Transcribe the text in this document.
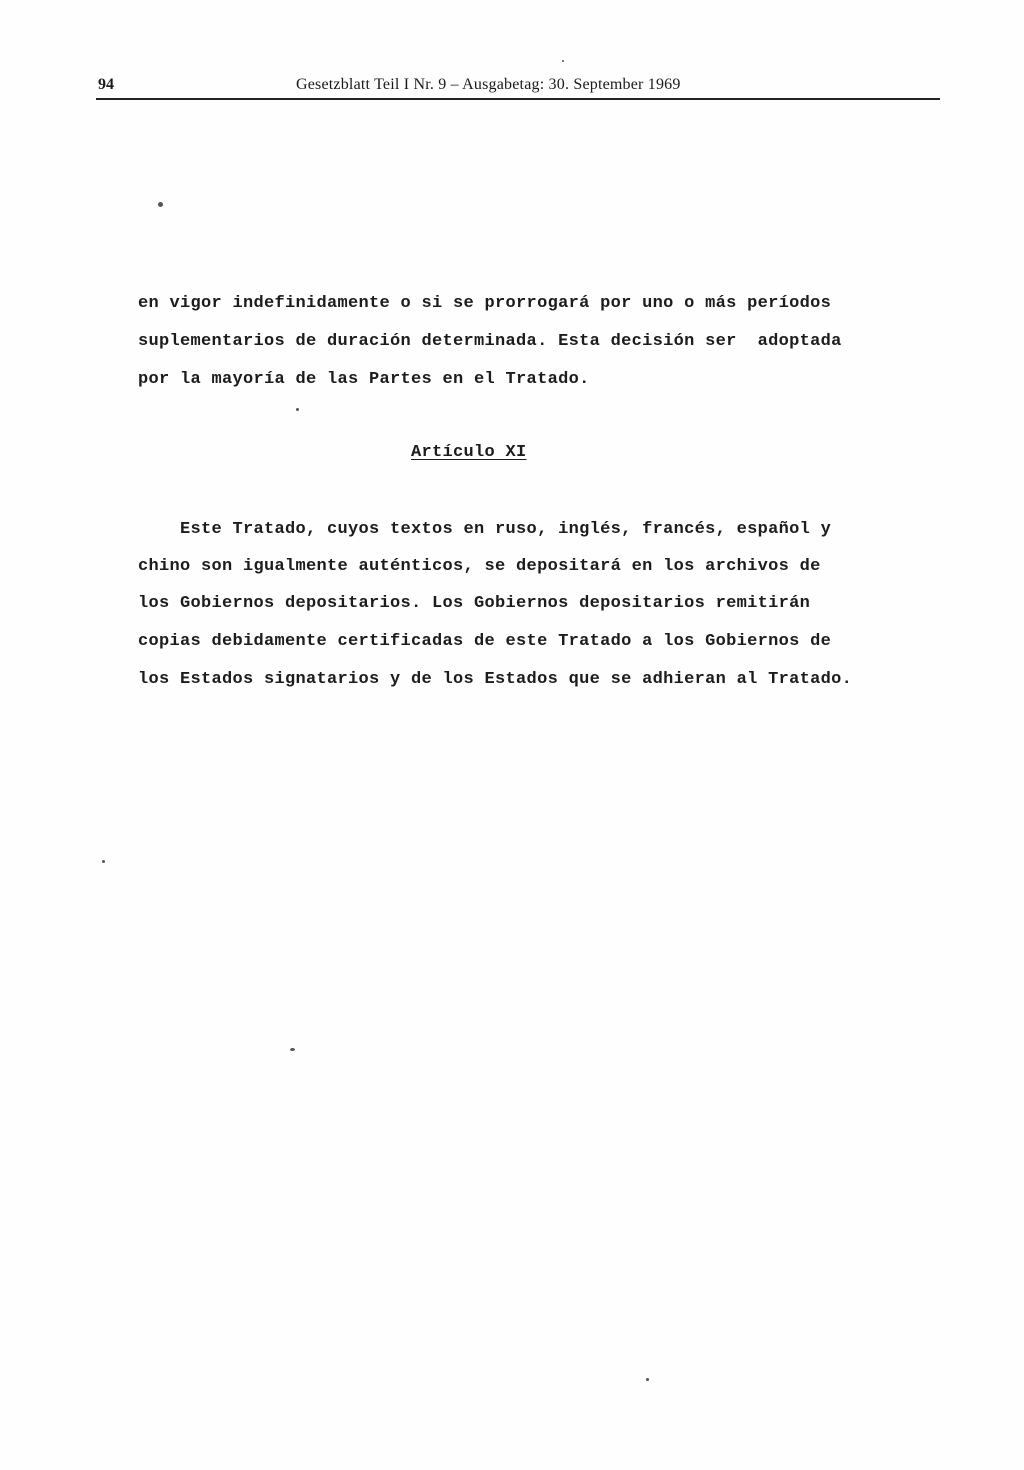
94	Gesetzblatt Teil I Nr. 9 – Ausgabetag: 30. September 1969
en vigor indefinidamente o si se prorrogará por uno o más períodos
suplementarios de duración determinada. Esta decisión ser  adoptada
por la mayoría de las Partes en el Tratado.
Artículo XI
Este Tratado, cuyos textos en ruso, inglés, francés, español y
chino son igualmente auténticos, se depositará en los archivos de
los Gobiernos depositarios. Los Gobiernos depositarios remitirán
copias debidamente certificadas de este Tratado a los Gobiernos de
los Estados signatarios y de los Estados que se adhieran al Tratado.
